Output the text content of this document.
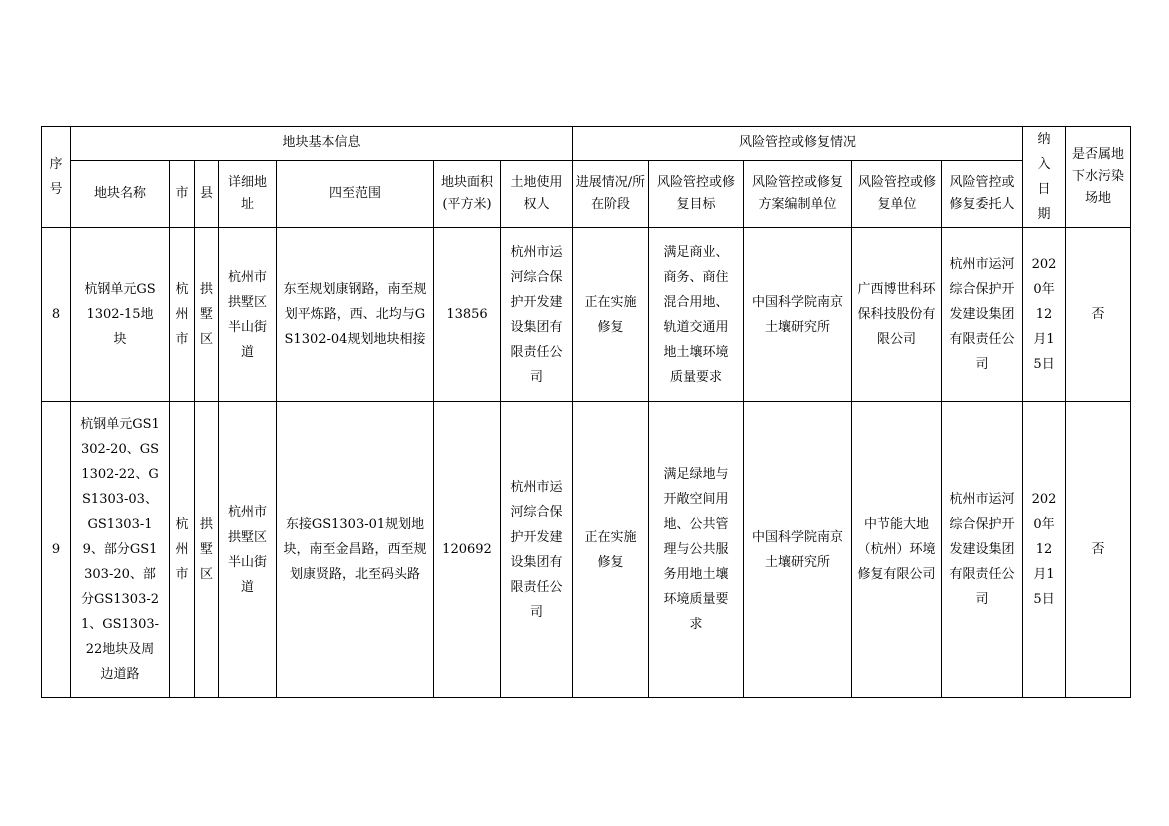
序号	地块基本信息							风险管控或修复情况					纳入日期	是否属地下水污染场地

	地块名称	市	县	详细地址	四至范围	地块面积(平方米)	土地使用权人	进展情况/所在阶段	风险管控或修复目标	风险管控或修复方案编制单位	风险管控或修复单位	风险管控或修复委托人		

8	杭钢单元GS1302-15地块	杭州市	拱墅区	杭州市拱墅区半山街道	东至规划康钢路，南至规划平炼路，西、北均与GS1302-04规划地块相接	13856	杭州市运河综合保护开发建设集团有限责任公司	正在实施修复	满足商业、商务、商住混合用地、轨道交通用地土壤环境质量要求	中国科学院南京土壤研究所	广西博世科环保科技股份有限公司	杭州市运河综合保护开发建设集团有限责任公司	2020年12月15日	否
9	杭钢单元GS1302-20、GS1302-22、GS1303-03、GS1303-19、部分GS1303-20、部分GS1303-21、GS1303-22地块及周边道路	杭州市	拱墅区	杭州市拱墅区半山街道	东接GS1303-01规划地块，南至金昌路，西至规划康贤路，北至码头路	120692	杭州市运河综合保护开发建设集团有限责任公司	正在实施修复	满足绿地与开敞空间用地、公共管理与公共服务用地土壤环境质量要求	中国科学院南京土壤研究所	中节能大地（杭州）环境修复有限公司	杭州市运河综合保护开发建设集团有限责任公司	2020年12月15日	否
